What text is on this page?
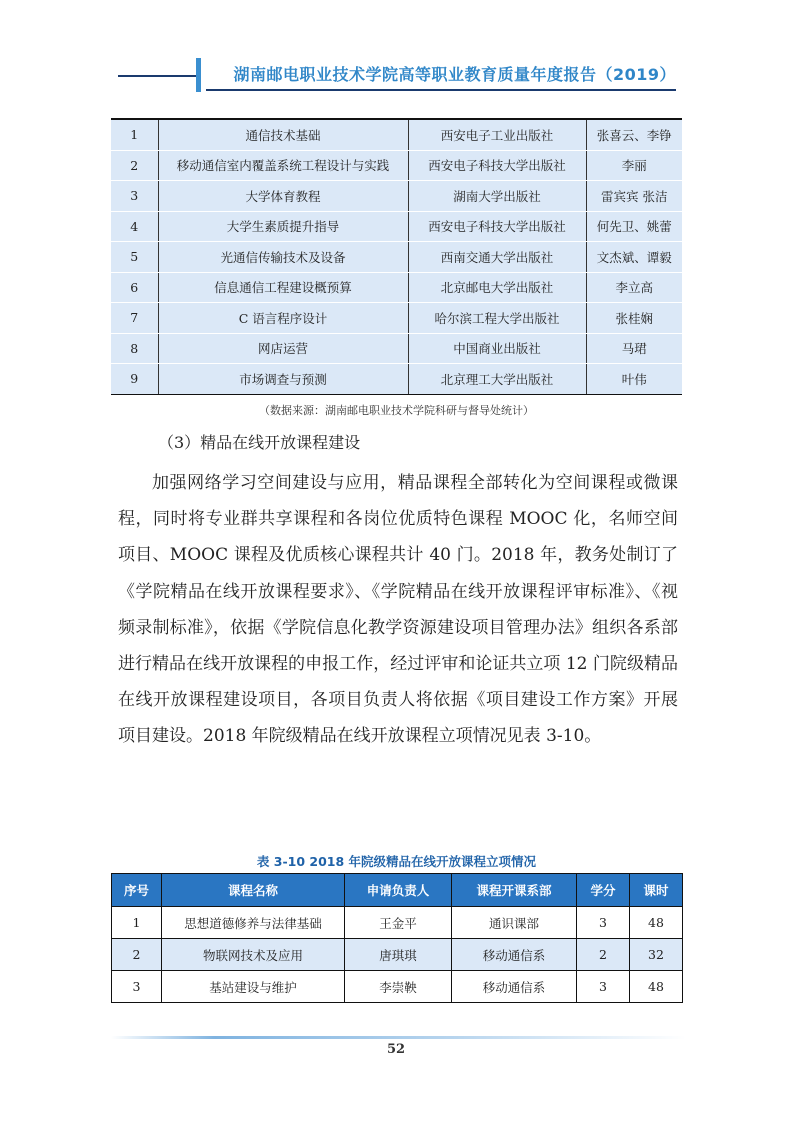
湖南邮电职业技术学院高等职业教育质量年度报告（2019）
1	通信技术基础	西安电子工业出版社	张喜云、李铮
2	移动通信室内覆盖系统工程设计与实践	西安电子科技大学出版社	李丽
3	大学体育教程	湖南大学出版社	雷宾宾 张洁
4	大学生素质提升指导	西安电子科技大学出版社	何先卫、姚蕾
5	光通信传输技术及设备	西南交通大学出版社	文杰斌、谭毅
6	信息通信工程建设概预算	北京邮电大学出版社	李立高
7	C 语言程序设计	哈尔滨工程大学出版社	张桂娴
8	网店运营	中国商业出版社	马珺
9	市场调查与预测	北京理工大学出版社	叶伟
（数据来源：湖南邮电职业技术学院科研与督导处统计）
（3）精品在线开放课程建设
加强网络学习空间建设与应用，精品课程全部转化为空间课程或微课程，同时将专业群共享课程和各岗位优质特色课程 MOOC 化，名师空间项目、MOOC 课程及优质核心课程共计 40 门。2018 年，教务处制订了《学院精品在线开放课程要求》、《学院精品在线开放课程评审标准》、《视频录制标准》，依据《学院信息化教学资源建设项目管理办法》组织各系部进行精品在线开放课程的申报工作，经过评审和论证共立项 12 门院级精品在线开放课程建设项目，各项目负责人将依据《项目建设工作方案》开展项目建设。2018 年院级精品在线开放课程立项情况见表 3-10。
表 3-10 2018 年院级精品在线开放课程立项情况
序号	课程名称	申请负责人	课程开课系部	学分	课时
1	思想道德修养与法律基础	王金平	通识课部	3	48
2	物联网技术及应用	唐琪琪	移动通信系	2	32
3	基站建设与维护	李崇鞅	移动通信系	3	48
52
